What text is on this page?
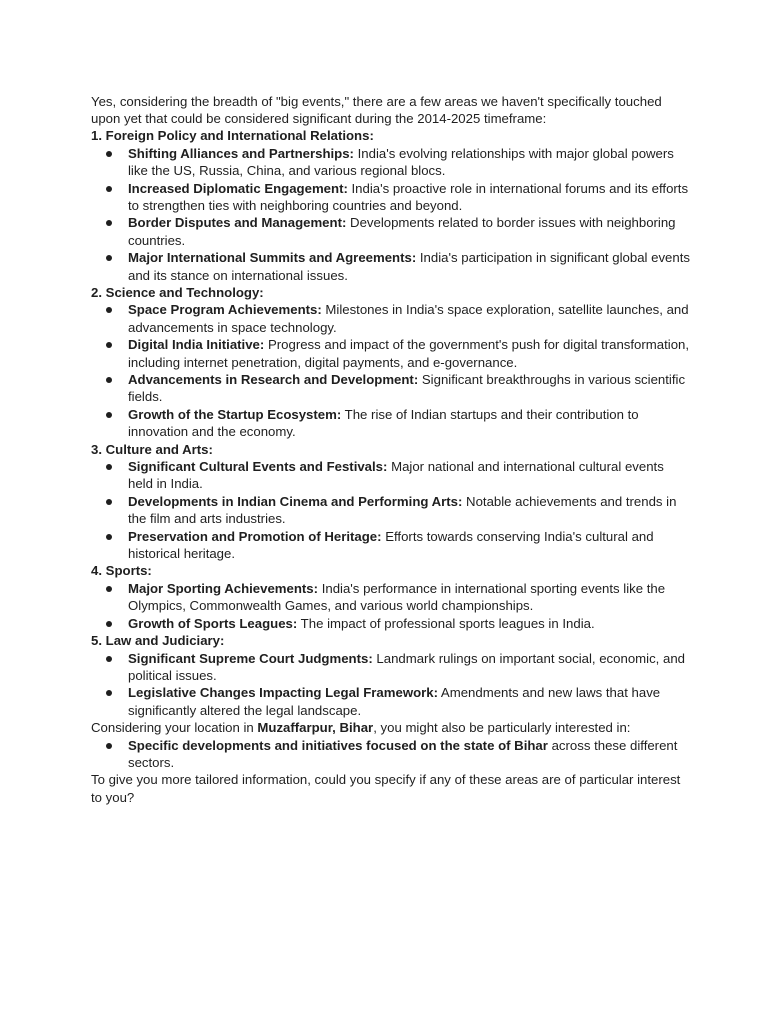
Yes, considering the breadth of "big events," there are a few areas we haven't specifically touched upon yet that could be considered significant during the 2014-2025 timeframe:

1. Foreign Policy and International Relations:

Shifting Alliances and Partnerships: India's evolving relationships with major global powers like the US, Russia, China, and various regional blocs.
Increased Diplomatic Engagement: India's proactive role in international forums and its efforts to strengthen ties with neighboring countries and beyond.
Border Disputes and Management: Developments related to border issues with neighboring countries.
Major International Summits and Agreements: India's participation in significant global events and its stance on international issues.

2. Science and Technology:

Space Program Achievements: Milestones in India's space exploration, satellite launches, and advancements in space technology.
Digital India Initiative: Progress and impact of the government's push for digital transformation, including internet penetration, digital payments, and e-governance.
Advancements in Research and Development: Significant breakthroughs in various scientific fields.
Growth of the Startup Ecosystem: The rise of Indian startups and their contribution to innovation and the economy.

3. Culture and Arts:

Significant Cultural Events and Festivals: Major national and international cultural events held in India.
Developments in Indian Cinema and Performing Arts: Notable achievements and trends in the film and arts industries.
Preservation and Promotion of Heritage: Efforts towards conserving India's cultural and historical heritage.

4. Sports:

Major Sporting Achievements: India's performance in international sporting events like the Olympics, Commonwealth Games, and various world championships.
Growth of Sports Leagues: The impact of professional sports leagues in India.

5. Law and Judiciary:

Significant Supreme Court Judgments: Landmark rulings on important social, economic, and political issues.
Legislative Changes Impacting Legal Framework: Amendments and new laws that have significantly altered the legal landscape.

Considering your location in Muzaffarpur, Bihar, you might also be particularly interested in:

Specific developments and initiatives focused on the state of Bihar across these different sectors.

To give you more tailored information, could you specify if any of these areas are of particular interest to you?
